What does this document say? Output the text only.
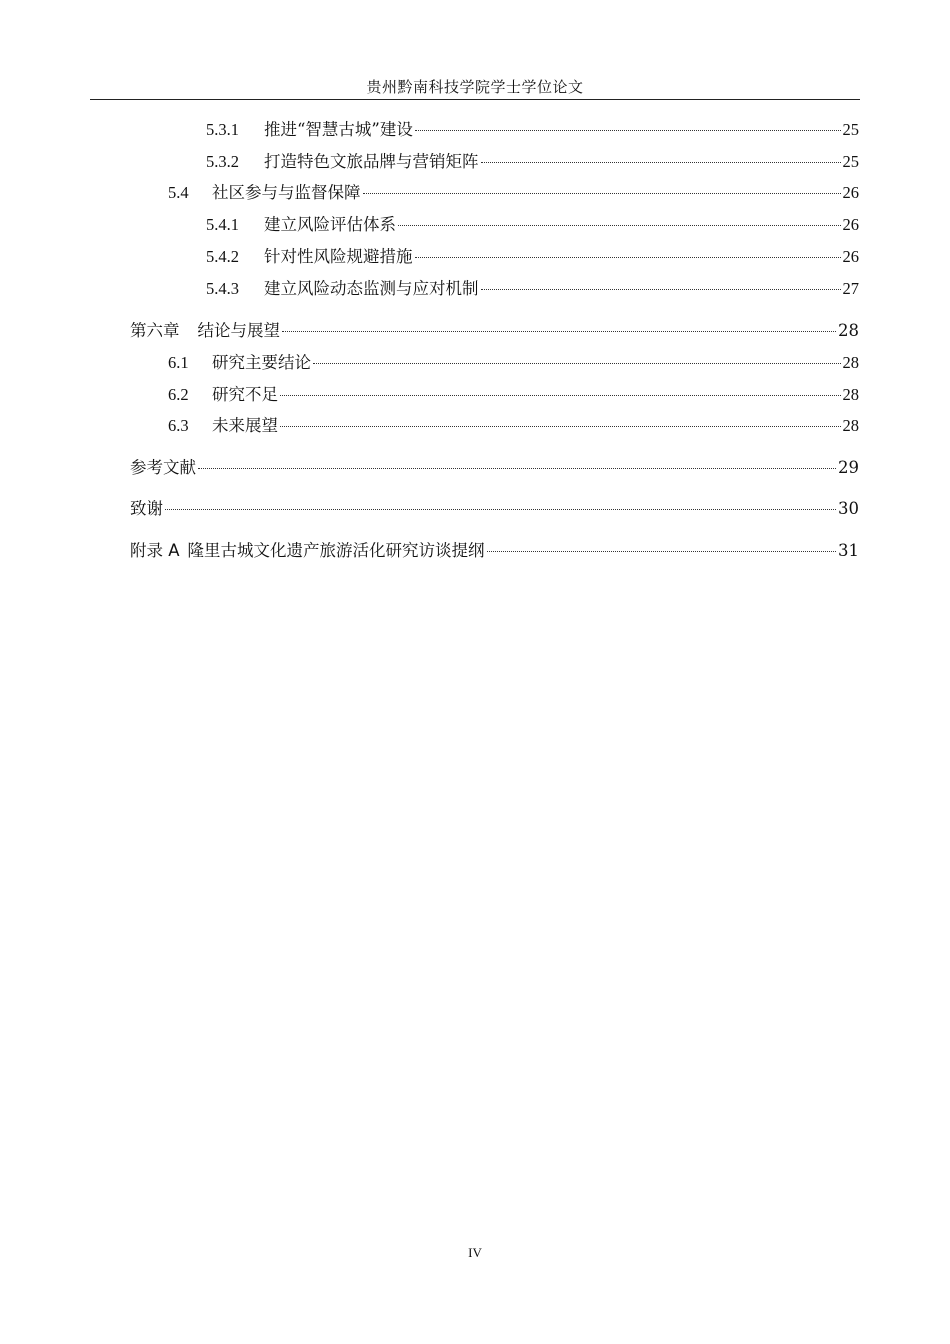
贵州黔南科技学院学士学位论文
5.3.1	推进“智慧古城”建设	25
5.3.2	打造特色文旅品牌与营销矩阵	25
5.4	社区参与与监督保障	26
5.4.1	建立风险评估体系	26
5.4.2	针对性风险规避措施	26
5.4.3	建立风险动态监测与应对机制	27
第六章 结论与展望	28
6.1	研究主要结论	28
6.2	研究不足	28
6.3	未来展望	28
参考文献	29
致谢	30
附录 A 隆里古城文化遗产旅游活化研究访谈提纲	31
IV
